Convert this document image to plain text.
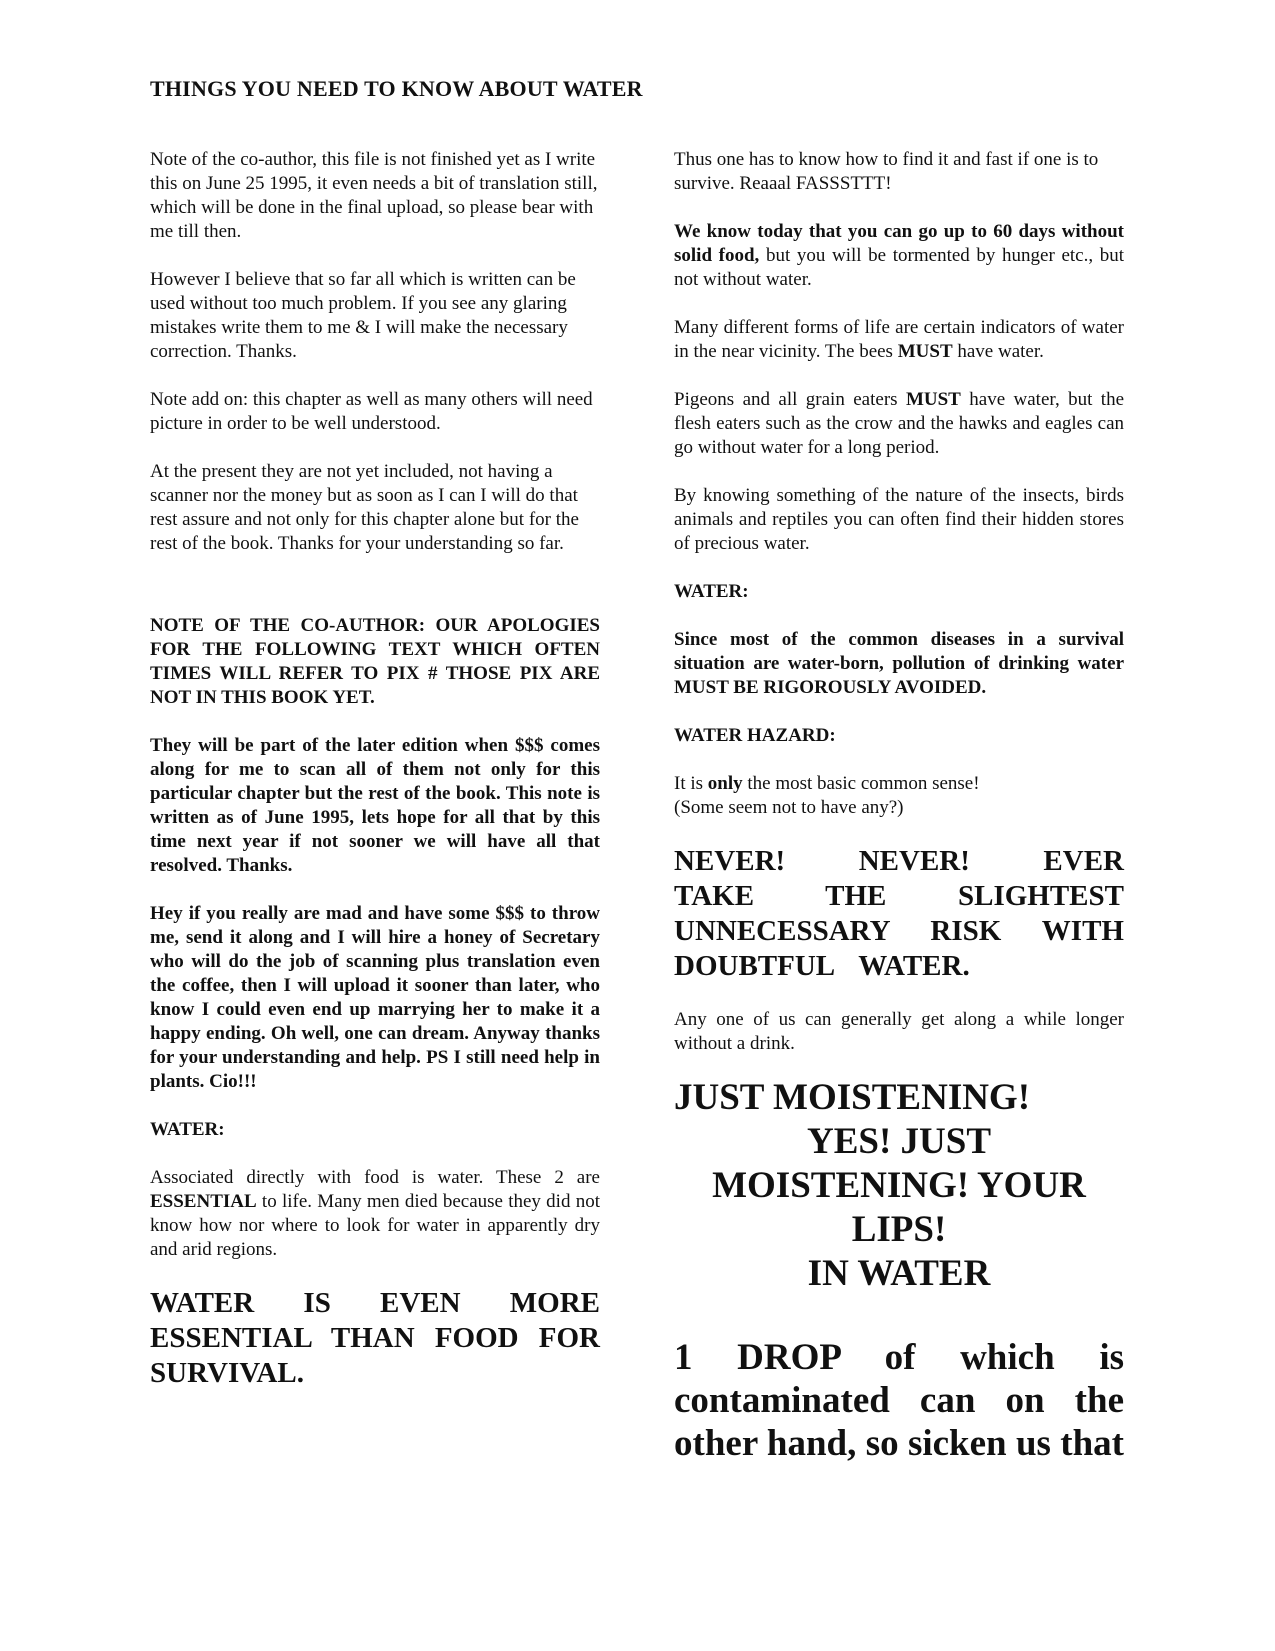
THINGS YOU NEED TO KNOW ABOUT WATER

Note of the co-author, this file is not finished yet as I write this on June 25 1995, it even needs a bit of translation still, which will be done in the final upload, so please bear with me till then.

However I believe that so far all which is written can be used without too much problem. If you see any glaring mistakes write them to me & I will make the necessary correction. Thanks.

Note add on: this chapter as well as many others will need picture in order to be well understood.

At the present they are not yet included, not having a scanner nor the money but as soon as I can I will do that rest assure and not only for this chapter alone but for the rest of the book. Thanks for your understanding so far.

NOTE OF THE CO-AUTHOR: OUR APOLOGIES FOR THE FOLLOWING TEXT WHICH OFTEN TIMES WILL REFER TO PIX # THOSE PIX ARE NOT IN THIS BOOK YET.

They will be part of the later edition when $$$ comes along for me to scan all of them not only for this particular chapter but the rest of the book. This note is written as of June 1995, lets hope for all that by this time next year if not sooner we will have all that resolved. Thanks.

Hey if you really are mad and have some $$$ to throw me, send it along and I will hire a honey of Secretary who will do the job of scanning plus translation even the coffee, then I will upload it sooner than later, who know I could even end up marrying her to make it a happy ending. Oh well, one can dream. Anyway thanks for your understanding and help. PS I still need help in plants. Cio!!!

WATER:

Associated directly with food is water. These 2 are ESSENTIAL to life. Many men died because they did not know how nor where to look for water in apparently dry and arid regions.

WATER IS EVEN MORE ESSENTIAL THAN FOOD FOR SURVIVAL.

Thus one has to know how to find it and fast if one is to survive. Reaaal FASSSTTT!

We know today that you can go up to 60 days without solid food, but you will be tormented by hunger etc., but not without water.

Many different forms of life are certain indicators of water in the near vicinity. The bees MUST have water.

Pigeons and all grain eaters MUST have water, but the flesh eaters such as the crow and the hawks and eagles can go without water for a long period.

By knowing something of the nature of the insects, birds animals and reptiles you can often find their hidden stores of precious water.

WATER:

Since most of the common diseases in a survival situation are water-born, pollution of drinking water MUST BE RIGOROUSLY AVOIDED.

WATER HAZARD:

It is only the most basic common sense!
(Some seem not to have any?)

NEVER! NEVER! EVER TAKE THE SLIGHTEST UNNECESSARY RISK WITH DOUBTFUL WATER.

Any one of us can generally get along a while longer without a drink.

JUST MOISTENING!
YES! JUST
MOISTENING! YOUR
LIPS!
IN WATER

1 DROP of which is contaminated can on the other hand, so sicken us that
